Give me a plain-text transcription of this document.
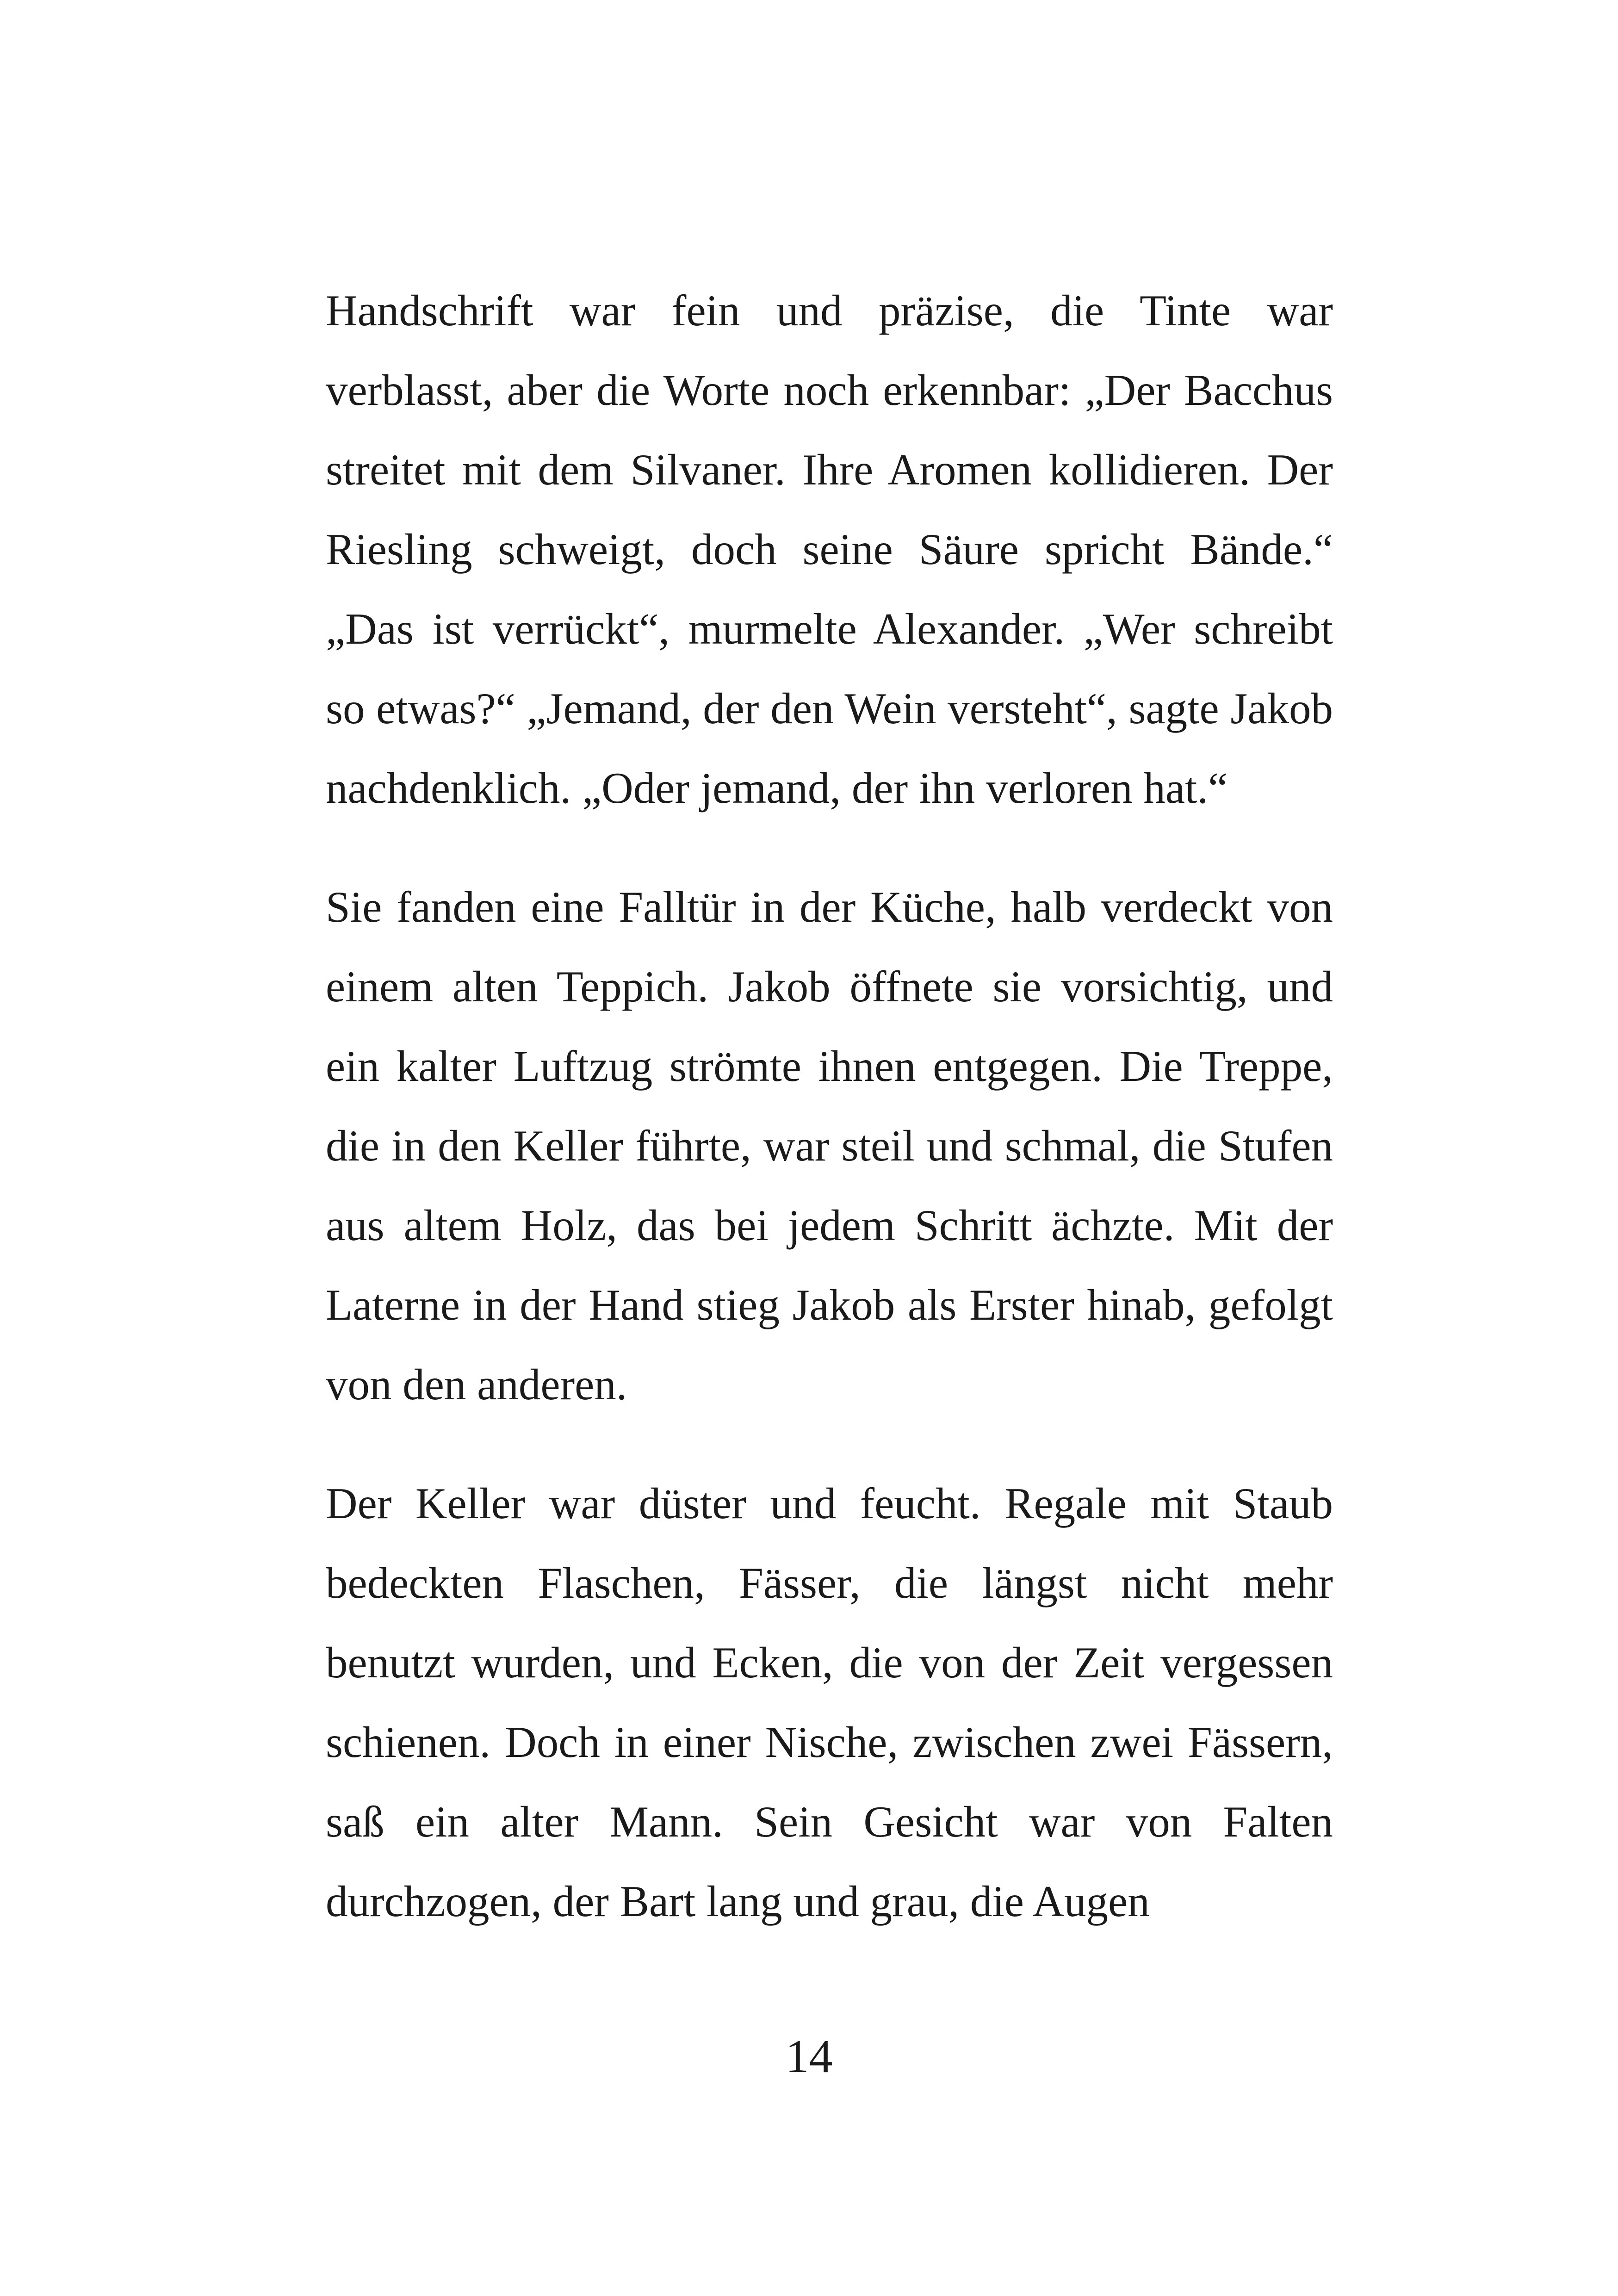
Handschrift war fein und präzise, die Tinte war verblasst, aber die Worte noch erkennbar: „Der Bacchus streitet mit dem Silvaner. Ihre Aromen kollidieren. Der Riesling schweigt, doch seine Säure spricht Bände.“ „Das ist verrückt“, murmelte Alexander. „Wer schreibt so etwas?“ „Jemand, der den Wein versteht“, sagte Jakob nachdenklich. „Oder jemand, der ihn verloren hat.“

Sie fanden eine Falltür in der Küche, halb verdeckt von einem alten Teppich. Jakob öffnete sie vorsichtig, und ein kalter Luftzug strömte ihnen entgegen. Die Treppe, die in den Keller führte, war steil und schmal, die Stufen aus altem Holz, das bei jedem Schritt ächzte. Mit der Laterne in der Hand stieg Jakob als Erster hinab, gefolgt von den anderen.

Der Keller war düster und feucht. Regale mit Staub bedeckten Flaschen, Fässer, die längst nicht mehr benutzt wurden, und Ecken, die von der Zeit vergessen schienen. Doch in einer Nische, zwischen zwei Fässern, saß ein alter Mann. Sein Gesicht war von Falten durchzogen, der Bart lang und grau, die Augen

14
